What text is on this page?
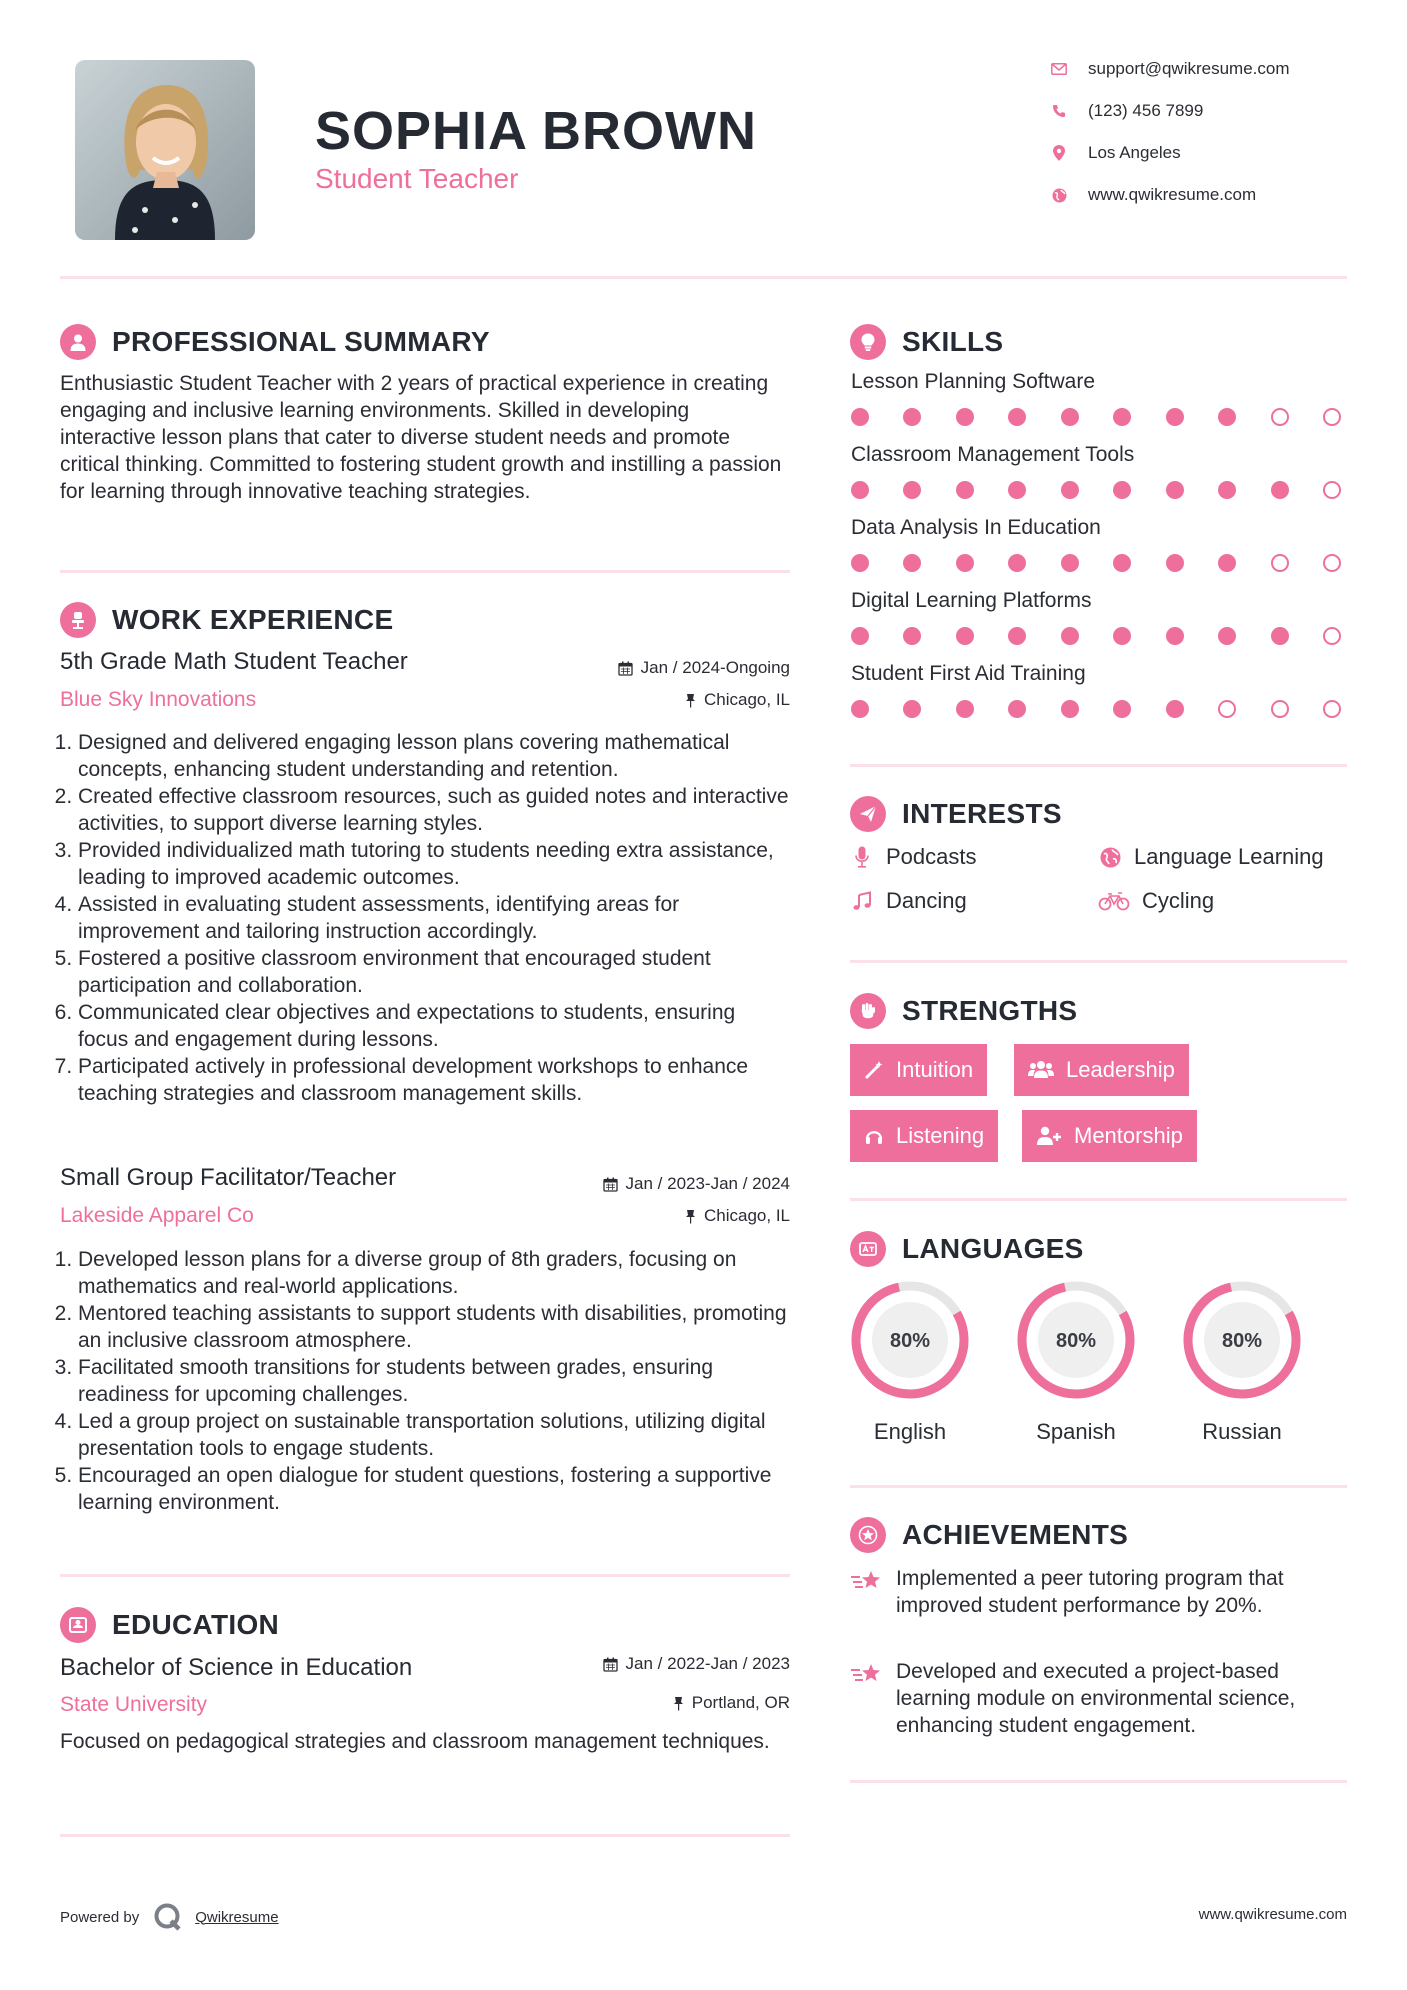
SOPHIA BROWN
Student Teacher
support@qwikresume.com
(123) 456 7899
Los Angeles
www.qwikresume.com
PROFESSIONAL SUMMARY

Enthusiastic Student Teacher with 2 years of practical experience in creating engaging and inclusive learning environments. Skilled in developing interactive lesson plans that cater to diverse student needs and promote critical thinking. Committed to fostering student growth and instilling a passion for learning through innovative teaching strategies.

WORK EXPERIENCE
5th Grade Math Student Teacher
Blue Sky Innovations
Jan / 2024-Ongoing
Chicago, IL
1. Designed and delivered engaging lesson plans covering mathematical concepts, enhancing student understanding and retention.
2. Created effective classroom resources, such as guided notes and interactive activities, to support diverse learning styles.
3. Provided individualized math tutoring to students needing extra assistance, leading to improved academic outcomes.
4. Assisted in evaluating student assessments, identifying areas for improvement and tailoring instruction accordingly.
5. Fostered a positive classroom environment that encouraged student participation and collaboration.
6. Communicated clear objectives and expectations to students, ensuring focus and engagement during lessons.
7. Participated actively in professional development workshops to enhance teaching strategies and classroom management skills.
Small Group Facilitator/Teacher
Lakeside Apparel Co
Jan / 2023-Jan / 2024
Chicago, IL
1. Developed lesson plans for a diverse group of 8th graders, focusing on mathematics and real-world applications.
2. Mentored teaching assistants to support students with disabilities, promoting an inclusive classroom atmosphere.
3. Facilitated smooth transitions for students between grades, ensuring readiness for upcoming challenges.
4. Led a group project on sustainable transportation solutions, utilizing digital presentation tools to engage students.
5. Encouraged an open dialogue for student questions, fostering a supportive learning environment.
EDUCATION
Bachelor of Science in Education
State University
Jan / 2022-Jan / 2023
Portland, OR

Focused on pedagogical strategies and classroom management techniques.

SKILLS
Lesson Planning Software
Classroom Management Tools
Data Analysis In Education
Digital Learning Platforms
Student First Aid Training
INTERESTS
Podcasts	Language Learning
Dancing	Cycling
STRENGTHS
Intuition	Leadership
Listening	Mentorship
LANGUAGES
80%
English
80%
Spanish
80%
Russian
ACHIEVEMENTS
Implemented a peer tutoring program that improved student performance by 20%.
Developed and executed a project-based learning module on environmental science, enhancing student engagement.
Powered by	Qwikresume	www.qwikresume.com
